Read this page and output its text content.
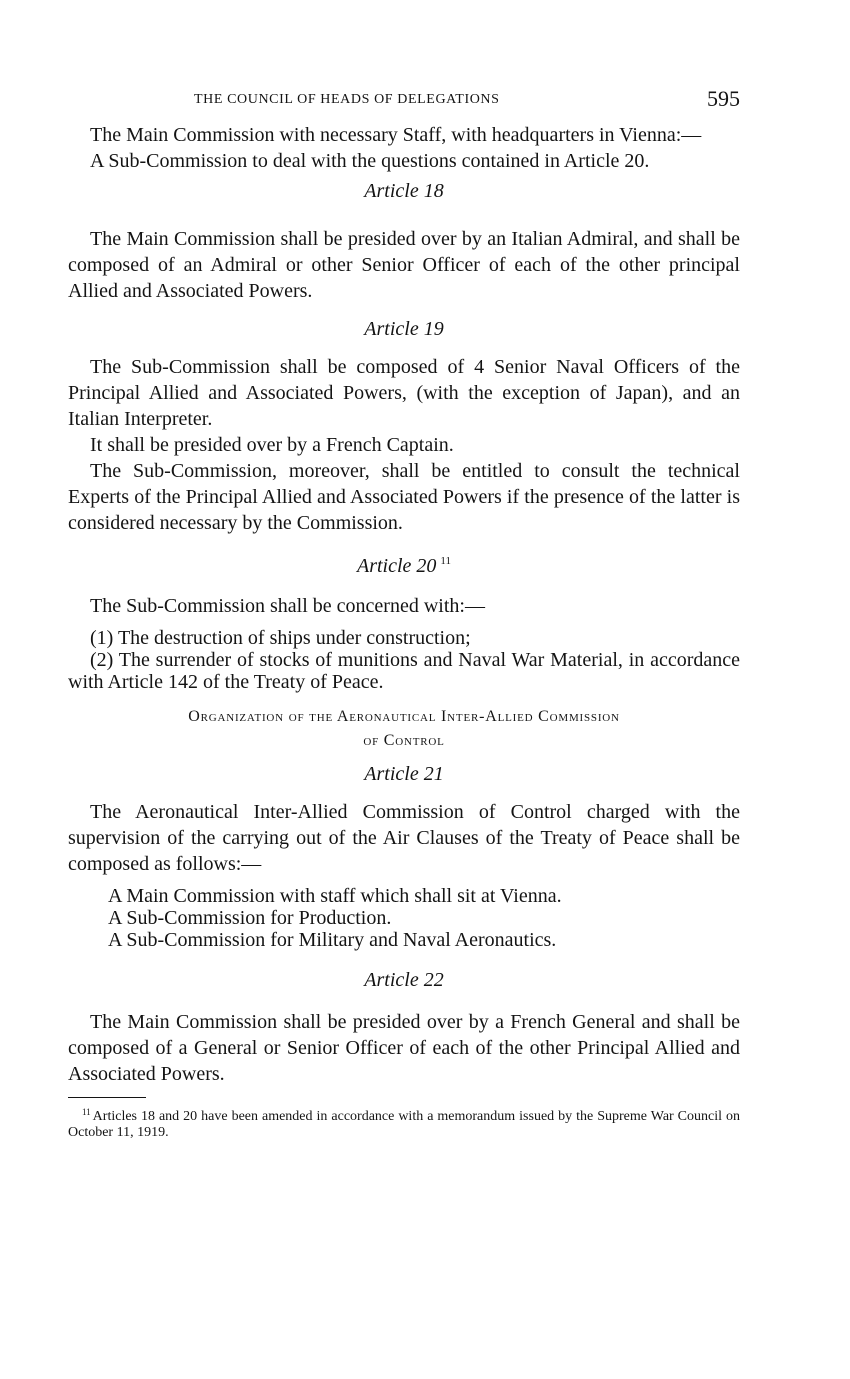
THE COUNCIL OF HEADS OF DELEGATIONS	595

The Main Commission with necessary Staff, with headquarters in Vienna:—

A Sub-Commission to deal with the questions contained in Article 20.

Article 18

The Main Commission shall be presided over by an Italian Admiral, and shall be composed of an Admiral or other Senior Officer of each of the other principal Allied and Associated Powers.

Article 19

The Sub-Commission shall be composed of 4 Senior Naval Officers of the Principal Allied and Associated Powers, (with the exception of Japan), and an Italian Interpreter.

It shall be presided over by a French Captain.

The Sub-Commission, moreover, shall be entitled to consult the technical Experts of the Principal Allied and Associated Powers if the presence of the latter is considered necessary by the Commission.

Article 20 $^{11}$

The Sub-Commission shall be concerned with:—

(1) The destruction of ships under construction;
(2) The surrender of stocks of munitions and Naval War Material, in accordance with Article 142 of the Treaty of Peace.
Organization of the Aeronautical Inter-Allied Commission
of Control
Article 21

The Aeronautical Inter-Allied Commission of Control charged with the supervision of the carrying out of the Air Clauses of the Treaty of Peace shall be composed as follows:—

A Main Commission with staff which shall sit at Vienna.
A Sub-Commission for Production.
A Sub-Commission for Military and Naval Aeronautics.
Article 22

The Main Commission shall be presided over by a French General and shall be composed of a General or Senior Officer of each of the other Principal Allied and Associated Powers.

$^{11}$ Articles 18 and 20 have been amended in accordance with a memorandum issued by the Supreme War Council on October 11, 1919.
